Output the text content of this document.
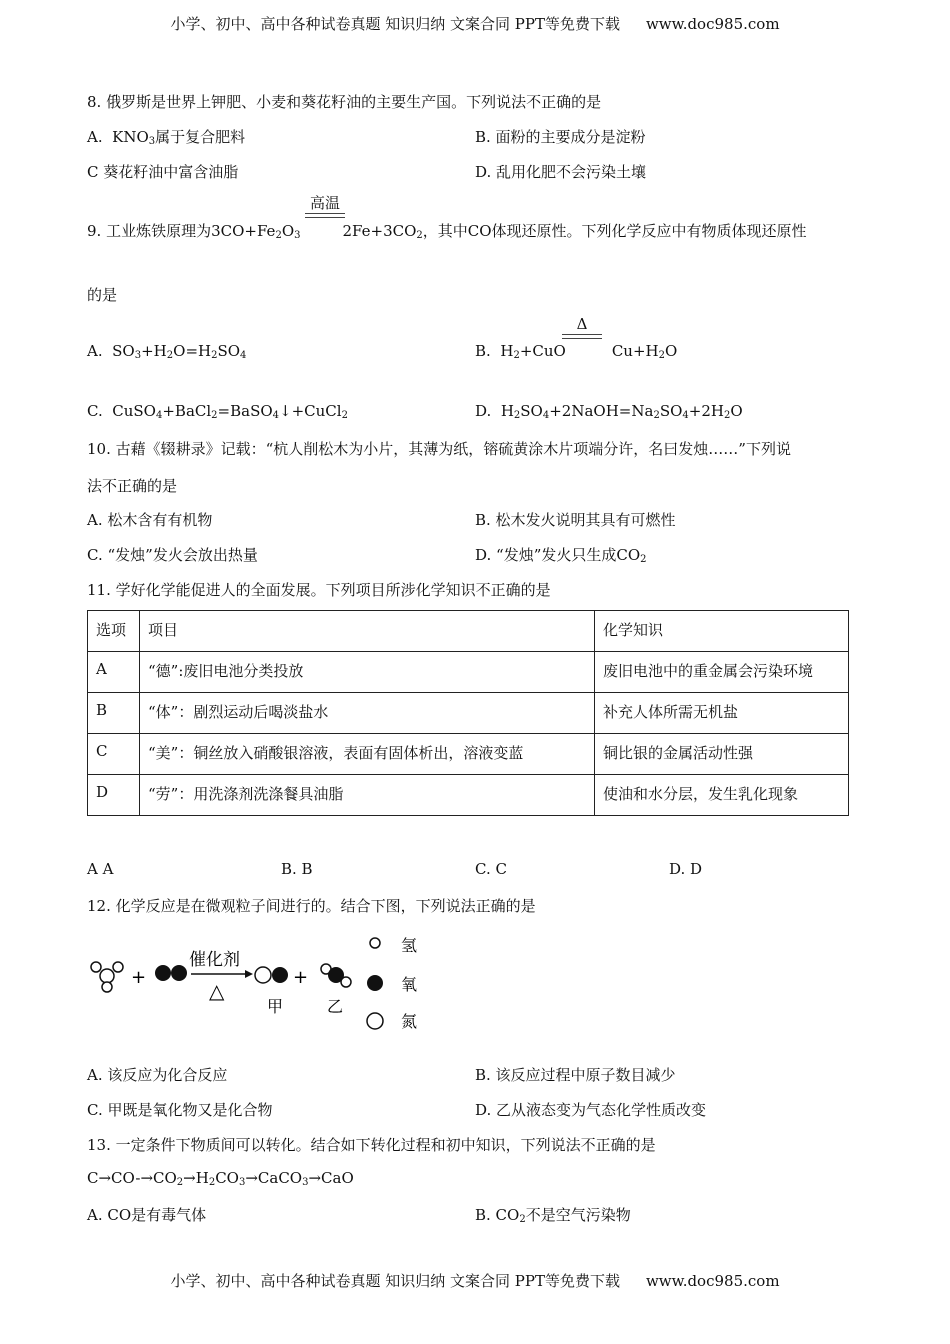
小学、初中、高中各种试卷真题 知识归纳 文案合同 PPT等免费下载 www.doc985.com
8. 俄罗斯是世界上钾肥、小麦和葵花籽油的主要生产国。下列说法不正确的是
A. $KNO_3$属于复合肥料	B. 面粉的主要成分是淀粉
C 葵花籽油中富含油脂	D. 乱用化肥不会污染土壤
高温
9. 工业炼铁原理为$3CO+Fe_2O_3$	$2Fe+3CO_2$，其中CO体现还原性。下列化学反应中有物质体现还原性
的是
A. $SO_3+H_2O=H_2SO_4$
Δ
B. $H_2+CuO$	$Cu+H_2O$
C. CuSO$_4$+BaCl$_2$=BaSO$_4$↓+CuCl$_2$	D. $H_2SO_4+2NaOH=Na_2SO_4+2H_2O$
10. 古藉《辍耕录》记载：“杭人削松木为小片，其薄为纸，镕硫黄涂木片项端分许，名曰发烛……”下列说
法不正确的是
A. 松木含有有机物	B. 松木发火说明其具有可燃性
C. “发烛”发火会放出热量	D. “发烛”发火只生成$CO_2$
11. 学好化学能促进人的全面发展。下列项目所涉化学知识不正确的是
选项	项目	化学知识
A	“德”:废旧电池分类投放	废旧电池中的重金属会污染环境
B	“体”：剧烈运动后喝淡盐水	补充人体所需无机盐
C	“美”：铜丝放入硝酸银溶液，表面有固体析出，溶液变蓝	铜比银的金属活动性强
D	“劳”：用洗涤剂洗涤餐具油脂	使油和水分层，发生乳化现象
A A	B. B	C. C	D. D
12. 化学反应是在微观粒子间进行的。结合下图，下列说法正确的是
+
催化剂
△
甲
+
乙
氢
氧
氮
A. 该反应为化合反应	B. 该反应过程中原子数目减少
C. 甲既是氧化物又是化合物	D. 乙从液态变为气态化学性质改变
13. 一定条件下物质间可以转化。结合如下转化过程和初中知识，下列说法不正确的是
$C\to CO-\to CO_2\to H_2CO_3\to CaCO_3\to CaO$
A. CO是有毒气体	B. $CO_2$不是空气污染物
小学、初中、高中各种试卷真题 知识归纳 文案合同 PPT等免费下载 www.doc985.com
